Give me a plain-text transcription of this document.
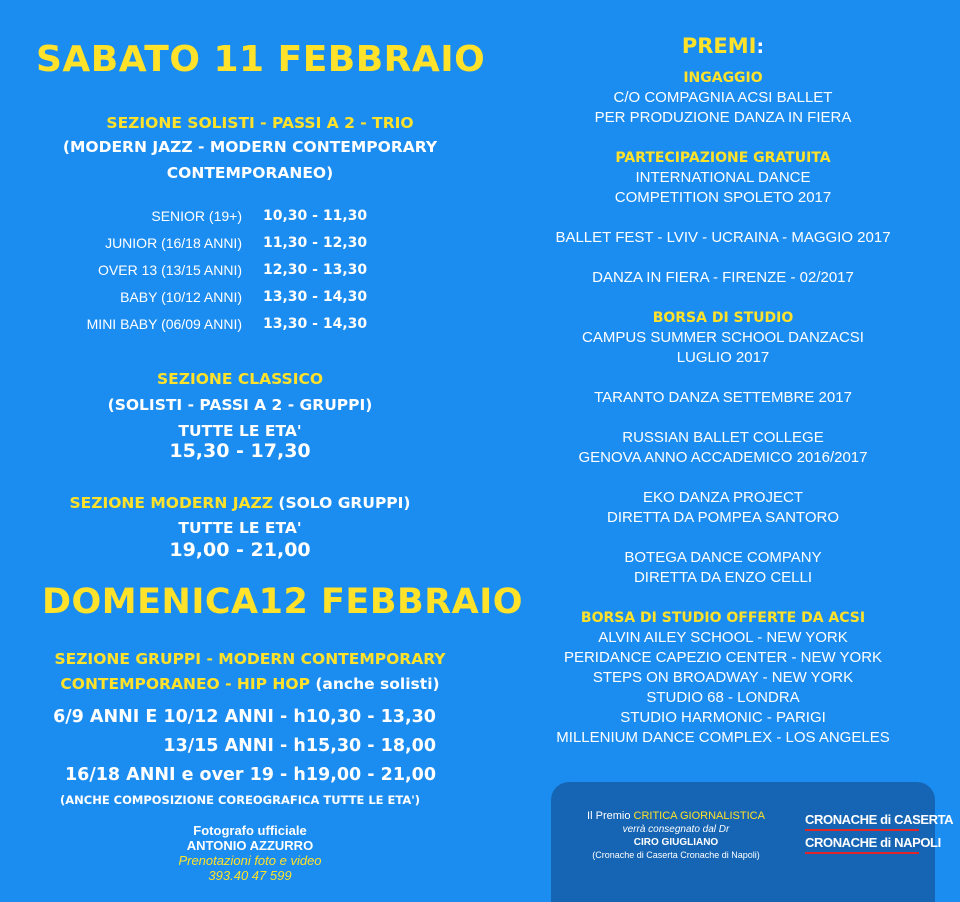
SABATO 11 FEBBRAIO
SEZIONE SOLISTI - PASSI A 2 - TRIO
(MODERN JAZZ - MODERN CONTEMPORARY
CONTEMPORANEO)
SENIOR (19+) 10,30 - 11,30
JUNIOR (16/18 ANNI) 11,30 - 12,30
OVER 13 (13/15 ANNI) 12,30 - 13,30
BABY (10/12 ANNI) 13,30 - 14,30
MINI BABY (06/09 ANNI) 13,30 - 14,30
SEZIONE CLASSICO
(SOLISTI - PASSI A 2 - GRUPPI)
TUTTE LE ETA'
15,30 - 17,30
SEZIONE MODERN JAZZ (SOLO GRUPPI)
TUTTE LE ETA'
19,00 - 21,00
DOMENICA12 FEBBRAIO
SEZIONE GRUPPI - MODERN CONTEMPORARY
CONTEMPORANEO - HIP HOP (anche solisti)
6/9 ANNI E 10/12 ANNI - h10,30 - 13,30
13/15 ANNI - h15,30 - 18,00
16/18 ANNI e over 19 - h19,00 - 21,00
(ANCHE COMPOSIZIONE COREOGRAFICA TUTTE LE ETA')
Fotografo ufficiale
ANTONIO AZZURRO
Prenotazioni foto e video
393.40 47 599
PREMI:
INGAGGIO
C/O COMPAGNIA ACSI BALLET
PER PRODUZIONE DANZA IN FIERA
PARTECIPAZIONE GRATUITA
INTERNATIONAL DANCE
COMPETITION SPOLETO 2017
BALLET FEST - LVIV - UCRAINA - MAGGIO 2017
DANZA IN FIERA - FIRENZE - 02/2017
BORSA DI STUDIO
CAMPUS SUMMER SCHOOL DANZACSI
LUGLIO 2017
TARANTO DANZA SETTEMBRE 2017
RUSSIAN BALLET COLLEGE
GENOVA ANNO ACCADEMICO 2016/2017
EKO DANZA PROJECT
DIRETTA DA POMPEA SANTORO
BOTEGA DANCE COMPANY
DIRETTA DA ENZO CELLI
BORSA DI STUDIO OFFERTE DA ACSI
ALVIN AILEY SCHOOL - NEW YORK
PERIDANCE CAPEZIO CENTER - NEW YORK
STEPS ON BROADWAY - NEW YORK
STUDIO 68 - LONDRA
STUDIO HARMONIC - PARIGI
MILLENIUM DANCE COMPLEX - LOS ANGELES
Il Premio CRITICA GIORNALISTICA
verrà consegnato dal Dr
CIRO GIUGLIANO
(Cronache di Caserta Cronache di Napoli)
CRONACHE di CASERTA
CRONACHE di NAPOLI
